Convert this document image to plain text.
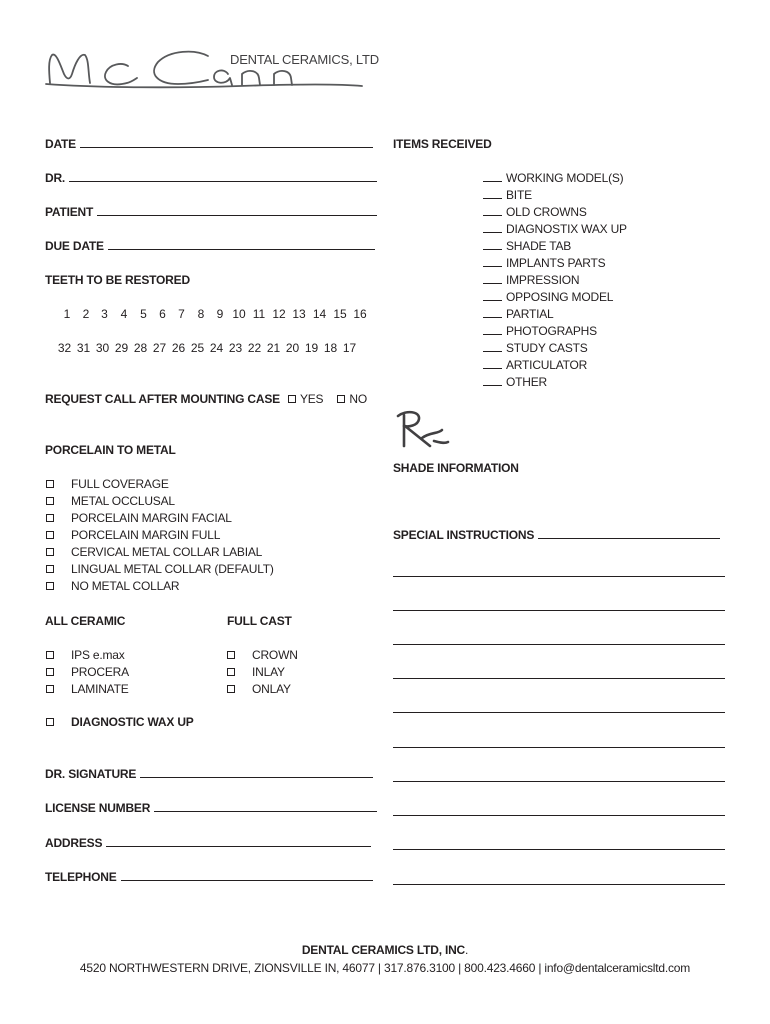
DENTAL CERAMICS, LTD
DATE
DR.
PATIENT
DUE DATE
TEETH TO BE RESTORED
1 2 3 4 5 6 7 8 9 10 11 12 13 14 15 16
32 31 30 29 28 27 26 25 24 23 22 21 20 19 18 17
REQUEST CALL AFTER MOUNTING CASE YES NO
PORCELAIN TO METAL
FULL COVERAGE
METAL OCCLUSAL
PORCELAIN MARGIN FACIAL
PORCELAIN MARGIN FULL
CERVICAL METAL COLLAR LABIAL
LINGUAL METAL COLLAR (DEFAULT)
NO METAL COLLAR
ALL CERAMIC	FULL CAST
IPS e.max
PROCERA
LAMINATE
CROWN
INLAY
ONLAY
DIAGNOSTIC WAX UP
DR. SIGNATURE
LICENSE NUMBER
ADDRESS
TELEPHONE
ITEMS RECEIVED
WORKING MODEL(S)
BITE
OLD CROWNS
DIAGNOSTIX WAX UP
SHADE TAB
IMPLANTS PARTS
IMPRESSION
OPPOSING MODEL
PARTIAL
PHOTOGRAPHS
STUDY CASTS
ARTICULATOR
OTHER
SHADE INFORMATION
SPECIAL INSTRUCTIONS
DENTAL CERAMICS LTD, INC.
4520 NORTHWESTERN DRIVE, ZIONSVILLE IN, 46077 | 317.876.3100 | 800.423.4660 | info@dentalceramicsltd.com
